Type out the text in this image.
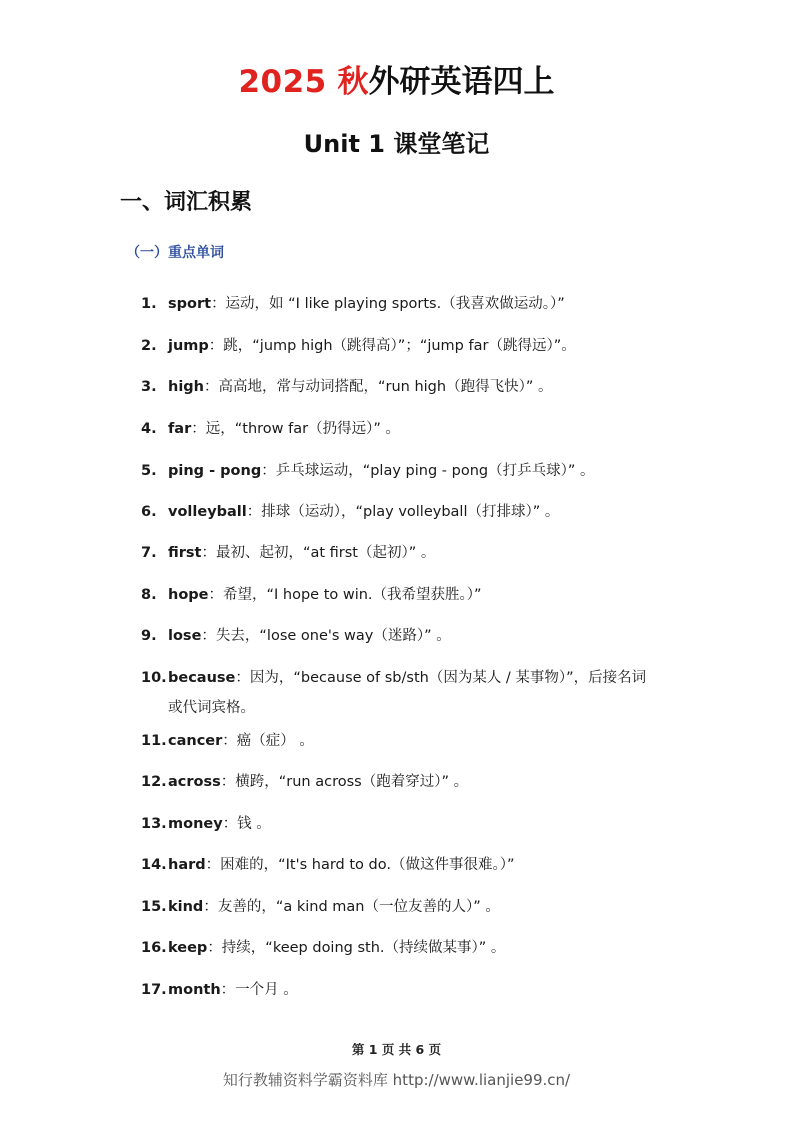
2025 秋外研英语四上
Unit 1 课堂笔记
一、词汇积累
（一）重点单词
1. sport：运动，如 “I like playing sports.（我喜欢做运动。）”
2. jump：跳，“jump high（跳得高）”；“jump far（跳得远）”。
3. high：高高地，常与动词搭配，“run high（跑得飞快）” 。
4. far：远，“throw far（扔得远）” 。
5. ping - pong：乒乓球运动，“play ping - pong（打乒乓球）” 。
6. volleyball：排球（运动），“play volleyball（打排球）” 。
7. first：最初、起初，“at first（起初）” 。
8. hope：希望，“I hope to win.（我希望获胜。）”
9. lose：失去，“lose one's way（迷路）” 。
10.because：因为，“because of sb/sth（因为某人 / 某事物）”，后接名词
或代词宾格。
11.cancer：癌（症） 。
12.across：横跨，“run across（跑着穿过）” 。
13.money：钱 。
14.hard：困难的，“It's hard to do.（做这件事很难。）”
15.kind：友善的，“a kind man（一位友善的人）” 。
16.keep：持续，“keep doing sth.（持续做某事）” 。
17.month：一个月 。
第 1 页 共 6 页
知行教辅资料学霸资料库 http://www.lianjie99.cn/
